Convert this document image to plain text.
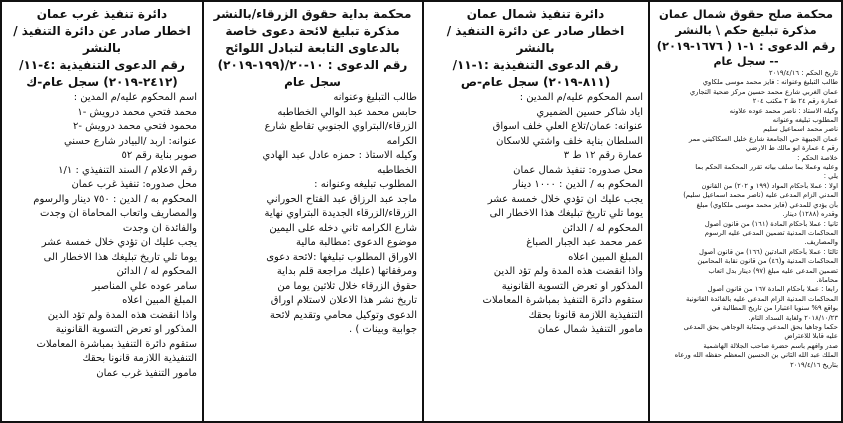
دائرة تنفيذ غرب عمان
اخطار صادر عن دائرة التنفيذ / بالنشر
رقم الدعوى التنفيذية :٤-١١/
(٢٤١٢-٢٠١٩) سجل عام-ك
اسم المحكوم عليه/م المدين :
محمد فتحي محمد درويش -١
محمود فتحي محمد درويش -٢
عنوانه: اربد /البيادر شارع حسني
صوير بناية رقم ٥٢
رقم الاعلام / السند التنفيذي : ١/١
محل صدوره: تنفيذ غرب عمان
المحكوم به / الدين : ٧٥٠ دينار والرسوم
والمصاريف واتعاب المحاماة ان وجدت
والفائدة ان وجدت
يجب عليك ان تؤدي خلال خمسة عشر
يوما تلي تاريخ تبليغك هذا الاخطار الى
المحكوم له / الدائن
سامر عوده علي المناصير
المبلغ المبين اعلاه
واذا انقضت هذه المدة ولم تؤد الدين
المذكور او تعرض التسوية القانونية
ستقوم دائرة التنفيذ بمباشرة المعاملات
التنفيذية اللازمة قانونا بحقك
مامور التنفيذ غرب عمان
محكمة بداية حقوق الزرقاء/بالنشر
مذكرة تبليغ لائحة دعوى خاصة
بالدعاوى التابعة لتبادل اللوائح
رقم الدعوى : ١٠-٢٠/(١٩٩-٢٠١٩)
سجل عام
طالب التبليغ وعنوانه
حابس محمد عبد الوالي الخطاطبه
الزرقاء/البتراوي الجنوبي تقاطع شارع
الكرامه
وكيله الاستاذ : حمزه عادل عبد الهادي
الخطاطبه
المطلوب تبليغه وعنوانه :
ماجد عبد الرزاق عبد الفتاح الحوراني
الزرقاء/الزرقاء الجديدة البتراوي نهاية
شارع الكرامه ثاني دخله على اليمين
موضوع الدعوى :مطالبة مالية
الاوراق المطلوب تبليغها :لائحة دعوى
ومرفقاتها (عليك مراجعة قلم بداية
حقوق الزرقاء خلال ثلاثين يوما من
تاريخ نشر هذا الاعلان لاستلام اوراق
الدعوى وتوكيل محامي وتقديم لائحة
جوابية وبينات ) .
دائرة تنفيذ شمال عمان
اخطار صادر عن دائرة التنفيذ / بالنشر
رقم الدعوى التنفيذية :١-١١/
(٨١١-٢٠١٩) سجل عام-ص
اسم المحكوم عليه/م المدين :
اياد شاكر حسين الضميري
عنوانه: عمان/تلاع العلي خلف اسواق
السلطان بناية خلف واشتي للاسكان
عمارة رقم ١٢ ط ٣
محل صدوره: تنفيذ شمال عمان
المحكوم به / الدين : ١٠٠٠ دينار
يجب عليك ان تؤدي خلال خمسة عشر
يوما تلي تاريخ تبليغك هذا الاخطار الى
المحكوم له / الدائن
عمر محمد عبد الجبار الصباغ
المبلغ المبين اعلاه
واذا انقضت هذه المدة ولم تؤد الدين
المذكور او تعرض التسوية القانونية
ستقوم دائرة التنفيذ بمباشرة المعاملات
التنفيذية اللازمة قانونا بحقك
مامور التنفيذ شمال عمان
محكمة صلح حقوق شمال عمان
مذكرة تبليغ حكم \ بالنشر
رقم الدعوى : ١-١ ( ١٦٧٦-٢٠١٩)
-- سجل عام
تاريخ الحكم : ٢٠١٩/٤/١٦
طالب التبليغ وعنوانه : فايز محمد موسى ملكاوي
عمان الغربي شارع محمد حسين مركز ضحية التجاري
عمارة رقم ٢٤ ط ٢ مكتب ٢٠٤
وكيله الاستاذ : ناصر محمد عوده علاونه
المطلوب تبليغه وعنوانه
ناصر محمد اسماعيل سليم
عمان الجبيهة حي الجامعة شارع خليل السكاكيني ممر
رقم ٤ عمارة ابو مالك ط الارضي
خلاصة الحكم :
وعليه وعملا بما سلف بيانه تقرر المحكمة الحكم بما
يلي :
اولا : عملا بأحكام المواد (١٩٩ و ٢٠٢) من القانون
المدني الزام المدعى عليه (ناصر محمد اسماعيل سليم)
بأن يؤدي للمدعي (فايز محمد موسى ملكاوي) مبلغ
وقدره (١٢٨٨) دينار.
ثانيا : عملا بأحكام المادة (١٦١) من قانون أصول
المحاكمات المدنية تضمين المدعى عليه الرسوم
والمصاريف.
ثالثا : عملا بأحكام المادتين (١٦٦) من قانون أصول
المحاكمات المدنية و(٤٦) من قانون نقابة المحامين
تضمين المدعى عليه مبلغ (٩٧) دينار بدل اتعاب
محاماة.
رابعا : عملا بأحكام المادة ١٦٧ من قانون أصول
المحاكمات المدنية الزام المدعى عليه بالفائدة القانونية
بواقع ٩% سنويا اعتبارا من تاريخ المطالبة في
٢٠١٨/١٠/٢٣ ولغاية السداد التام.
حكما وجاهيا بحق المدعي وبمثابة الوجاهي بحق المدعى
عليه قابلا للاعتراض
صدر وافهم باسم حضرة صاحب الجلالة الهاشمية
الملك عبد الله الثاني بن الحسين المعظم حفظه الله ورعاه
بتاريخ ٢٠١٩/٤/١٦
